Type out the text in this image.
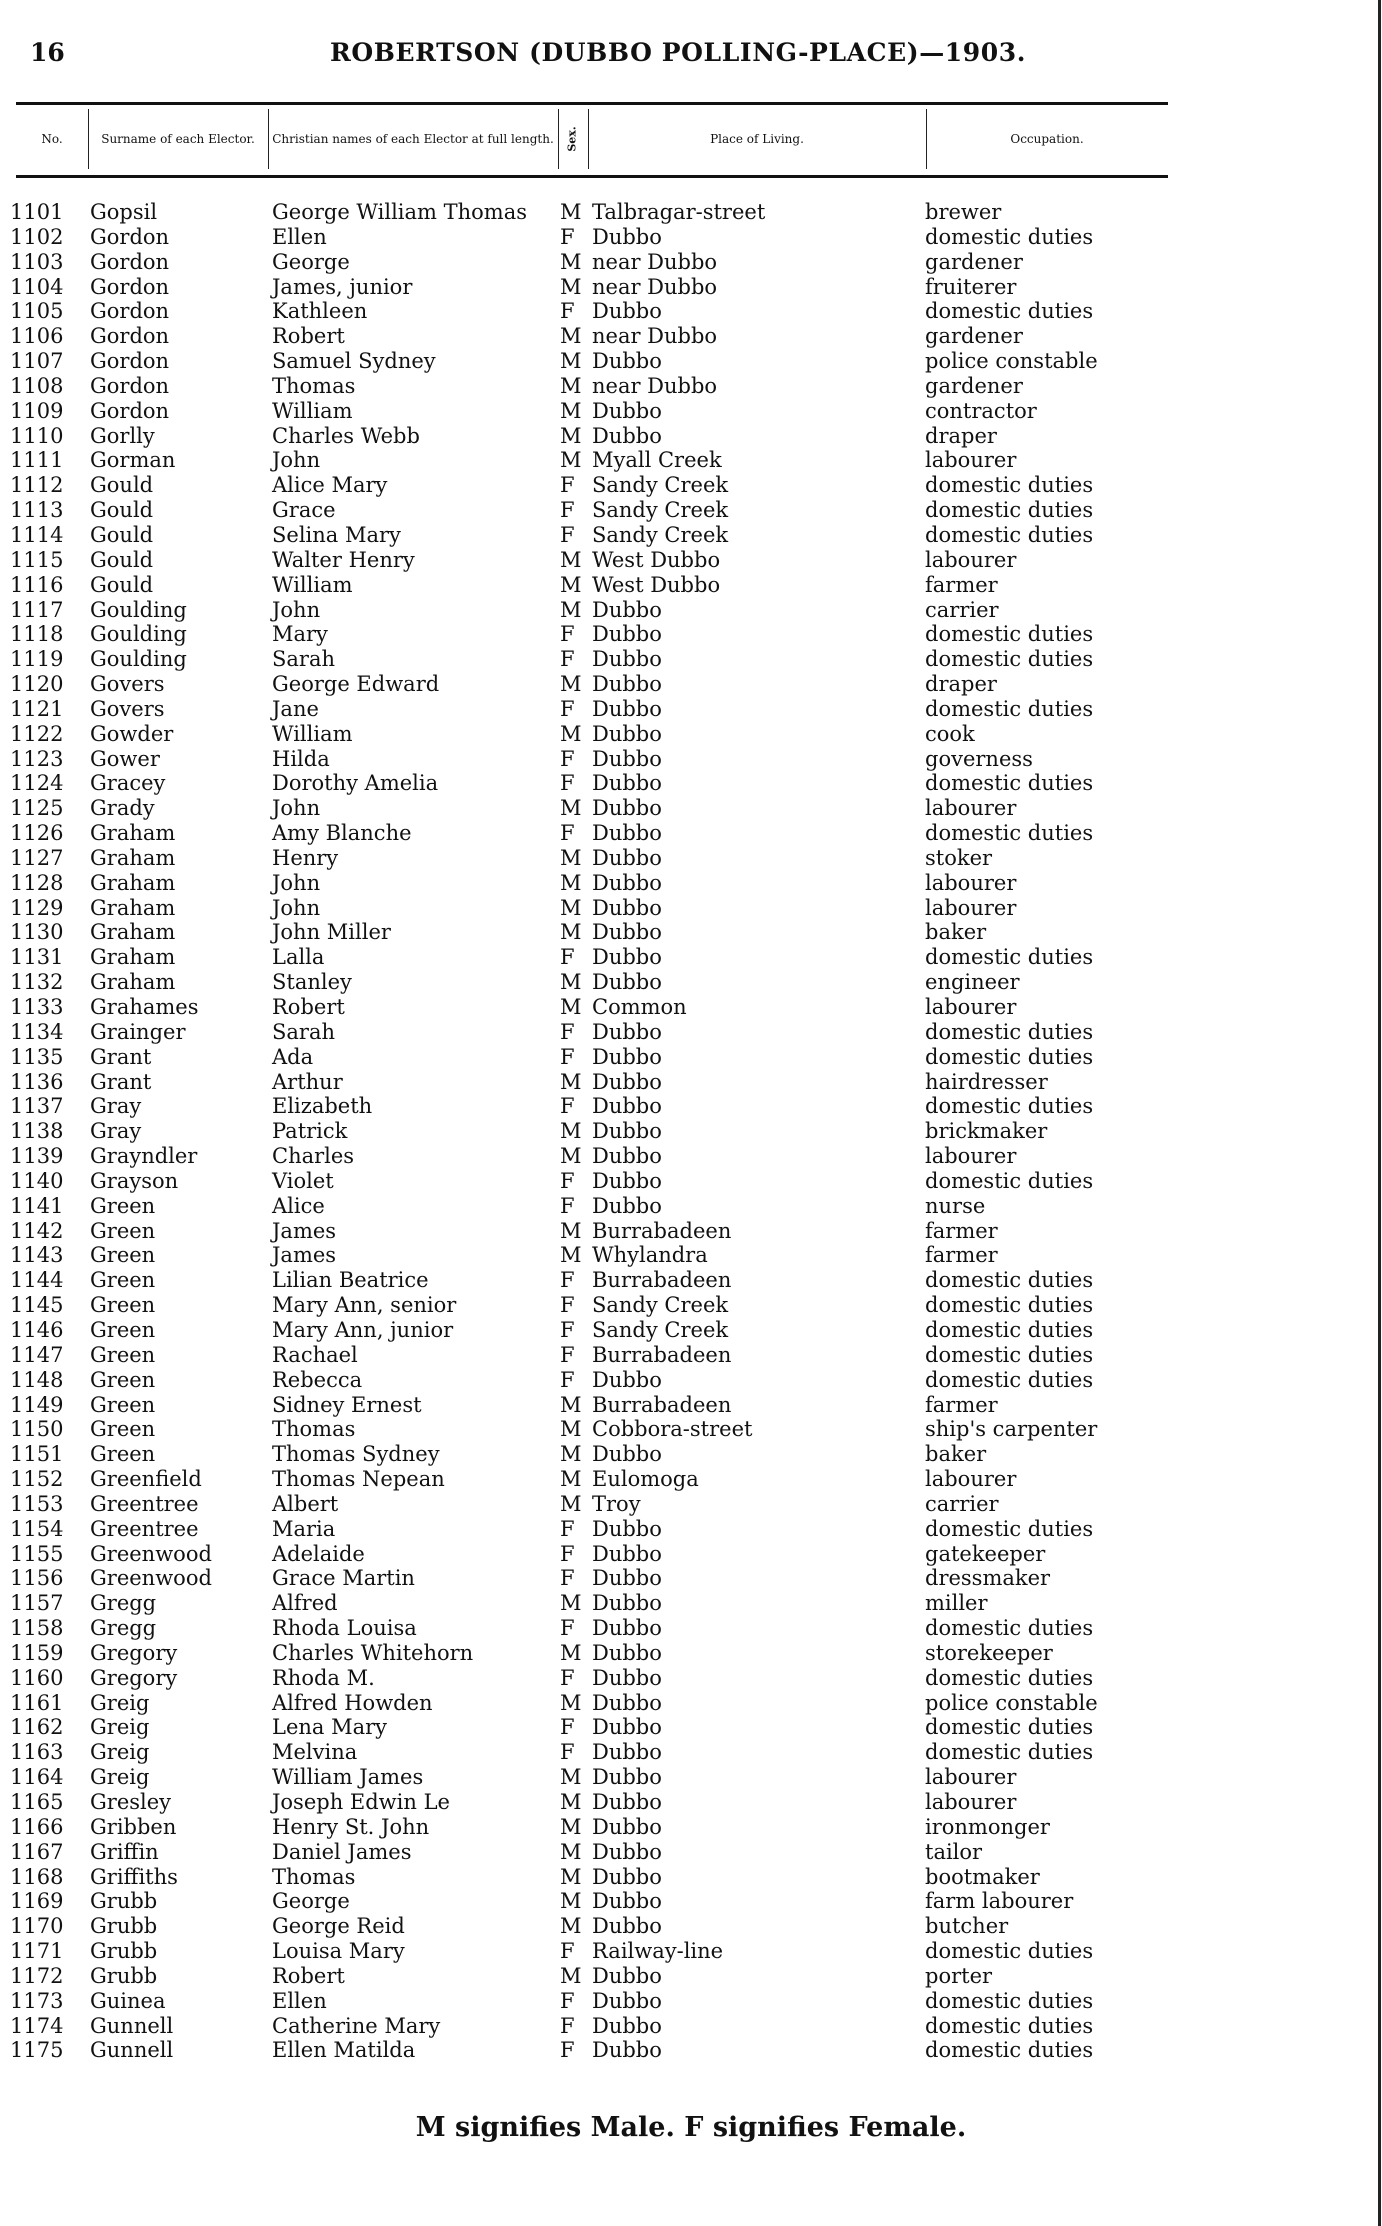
16	ROBERTSON (DUBBO POLLING-PLACE)—1903.
No.	Surname of each Elector.	Christian names of each Elector at full length.	Sex.	Place of Living.	Occupation.
1101 Gopsil	George William Thomas M Talbragar-street	brewer
1102 Gordon	Ellen	F Dubbo	domestic duties
1103 Gordon	George	M near Dubbo	gardener
1104 Gordon	James, junior	M near Dubbo	fruiterer
1105 Gordon	Kathleen	F Dubbo	domestic duties
1106 Gordon	Robert	M near Dubbo	gardener
1107 Gordon	Samuel Sydney	M Dubbo	police constable
1108 Gordon	Thomas	M near Dubbo	gardener
1109 Gordon	William	M Dubbo	contractor
1110 Gorlly	Charles Webb	M Dubbo	draper
1111 Gorman	John	M Myall Creek	labourer
1112 Gould	Alice Mary	F Sandy Creek	domestic duties
1113 Gould	Grace	F Sandy Creek	domestic duties
1114 Gould	Selina Mary	F Sandy Creek	domestic duties
1115 Gould	Walter Henry	M West Dubbo	labourer
1116 Gould	William	M West Dubbo	farmer
1117 Goulding	John	M Dubbo	carrier
1118 Goulding	Mary	F Dubbo	domestic duties
1119 Goulding	Sarah	F Dubbo	domestic duties
1120 Govers	George Edward	M Dubbo	draper
1121 Govers	Jane	F Dubbo	domestic duties
1122 Gowder	William	M Dubbo	cook
1123 Gower	Hilda	F Dubbo	governess
1124 Gracey	Dorothy Amelia	F Dubbo	domestic duties
1125 Grady	John	M Dubbo	labourer
1126 Graham	Amy Blanche	F Dubbo	domestic duties
1127 Graham	Henry	M Dubbo	stoker
1128 Graham	John	M Dubbo	labourer
1129 Graham	John	M Dubbo	labourer
1130 Graham	John Miller	M Dubbo	baker
1131 Graham	Lalla	F Dubbo	domestic duties
1132 Graham	Stanley	M Dubbo	engineer
1133 Grahames	Robert	M Common	labourer
1134 Grainger	Sarah	F Dubbo	domestic duties
1135 Grant	Ada	F Dubbo	domestic duties
1136 Grant	Arthur	M Dubbo	hairdresser
1137 Gray	Elizabeth	F Dubbo	domestic duties
1138 Gray	Patrick	M Dubbo	brickmaker
1139 Grayndler	Charles	M Dubbo	labourer
1140 Grayson	Violet	F Dubbo	domestic duties
1141 Green	Alice	F Dubbo	nurse
1142 Green	James	M Burrabadeen	farmer
1143 Green	James	M Whylandra	farmer
1144 Green	Lilian Beatrice	F Burrabadeen	domestic duties
1145 Green	Mary Ann, senior	F Sandy Creek	domestic duties
1146 Green	Mary Ann, junior	F Sandy Creek	domestic duties
1147 Green	Rachael	F Burrabadeen	domestic duties
1148 Green	Rebecca	F Dubbo	domestic duties
1149 Green	Sidney Ernest	M Burrabadeen	farmer
1150 Green	Thomas	M Cobbora-street	ship's carpenter
1151 Green	Thomas Sydney	M Dubbo	baker
1152 Greenfield	Thomas Nepean	M Eulomoga	labourer
1153 Greentree	Albert	M Troy	carrier
1154 Greentree	Maria	F Dubbo	domestic duties
1155 Greenwood	Adelaide	F Dubbo	gatekeeper
1156 Greenwood	Grace Martin	F Dubbo	dressmaker
1157 Gregg	Alfred	M Dubbo	miller
1158 Gregg	Rhoda Louisa	F Dubbo	domestic duties
1159 Gregory	Charles Whitehorn	M Dubbo	storekeeper
1160 Gregory	Rhoda M.	F Dubbo	domestic duties
1161 Greig	Alfred Howden	M Dubbo	police constable
1162 Greig	Lena Mary	F Dubbo	domestic duties
1163 Greig	Melvina	F Dubbo	domestic duties
1164 Greig	William James	M Dubbo	labourer
1165 Gresley	Joseph Edwin Le	M Dubbo	labourer
1166 Gribben	Henry St. John	M Dubbo	ironmonger
1167 Griffin	Daniel James	M Dubbo	tailor
1168 Griffiths	Thomas	M Dubbo	bootmaker
1169 Grubb	George	M Dubbo	farm labourer
1170 Grubb	George Reid	M Dubbo	butcher
1171 Grubb	Louisa Mary	F Railway-line	domestic duties
1172 Grubb	Robert	M Dubbo	porter
1173 Guinea	Ellen	F Dubbo	domestic duties
1174 Gunnell	Catherine Mary	F Dubbo	domestic duties
1175 Gunnell	Ellen Matilda	F Dubbo	domestic duties
M signifies Male. F signifies Female.
